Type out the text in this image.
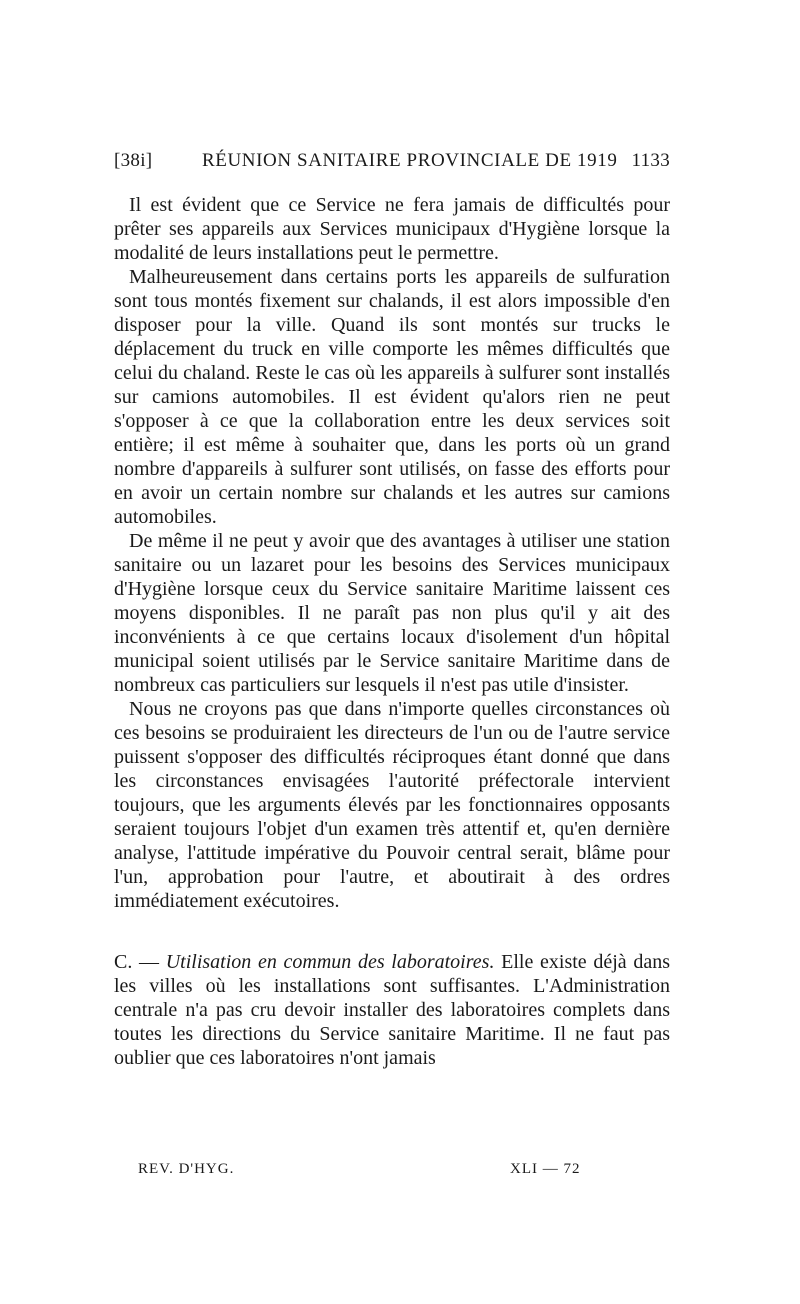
[38i]	RÉUNION SANITAIRE PROVINCIALE DE 1919 1133

Il est évident que ce Service ne fera jamais de difficultés pour prêter ses appareils aux Services municipaux d'Hygiène lorsque la modalité de leurs installations peut le permettre.

Malheureusement dans certains ports les appareils de sulfuration sont tous montés fixement sur chalands, il est alors impossible d'en disposer pour la ville. Quand ils sont montés sur trucks le déplacement du truck en ville comporte les mêmes difficultés que celui du chaland. Reste le cas où les appareils à sulfurer sont installés sur camions automobiles. Il est évident qu'alors rien ne peut s'opposer à ce que la collaboration entre les deux services soit entière; il est même à souhaiter que, dans les ports où un grand nombre d'appareils à sulfurer sont utilisés, on fasse des efforts pour en avoir un certain nombre sur chalands et les autres sur camions automobiles.

De même il ne peut y avoir que des avantages à utiliser une station sanitaire ou un lazaret pour les besoins des Services municipaux d'Hygiène lorsque ceux du Service sanitaire Maritime laissent ces moyens disponibles. Il ne paraît pas non plus qu'il y ait des inconvénients à ce que certains locaux d'isolement d'un hôpital municipal soient utilisés par le Service sanitaire Maritime dans de nombreux cas particuliers sur lesquels il n'est pas utile d'insister.

Nous ne croyons pas que dans n'importe quelles circonstances où ces besoins se produiraient les directeurs de l'un ou de l'autre service puissent s'opposer des difficultés réciproques étant donné que dans les circonstances envisagées l'autorité préfectorale intervient toujours, que les arguments élevés par les fonctionnaires opposants seraient toujours l'objet d'un examen très attentif et, qu'en dernière analyse, l'attitude impérative du Pouvoir central serait, blâme pour l'un, approbation pour l'autre, et aboutirait à des ordres immédiatement exécutoires.

C. — Utilisation en commun des laboratoires. Elle existe déjà dans les villes où les installations sont suffisantes. L'Administration centrale n'a pas cru devoir installer des laboratoires complets dans toutes les directions du Service sanitaire Maritime. Il ne faut pas oublier que ces laboratoires n'ont jamais

REV. D'HYG.	XLI — 72
